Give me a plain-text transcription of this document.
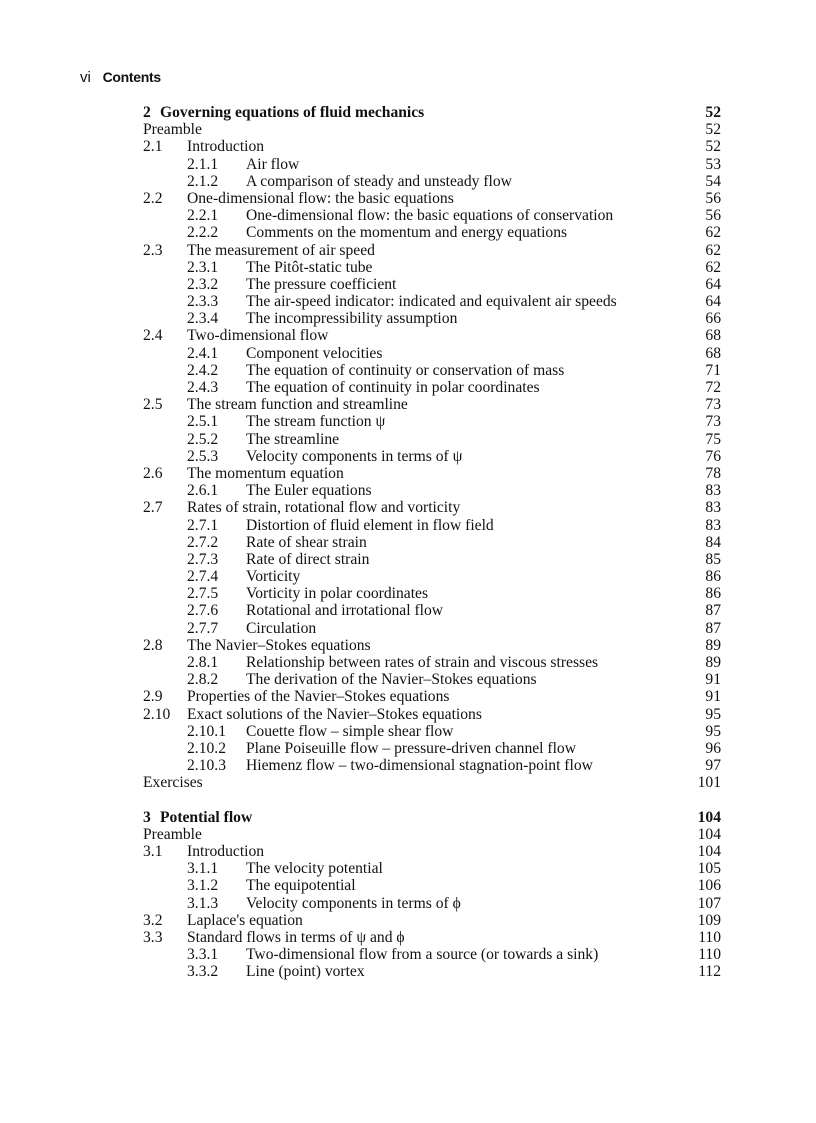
vi Contents
2 Governing equations of fluid mechanics	52
Preamble	52
2.1 Introduction	52
2.1.1 Air flow	53
2.1.2 A comparison of steady and unsteady flow	54
2.2 One-dimensional flow: the basic equations	56
2.2.1 One-dimensional flow: the basic equations of conservation	56
2.2.2 Comments on the momentum and energy equations	62
2.3 The measurement of air speed	62
2.3.1 The Pitôt-static tube	62
2.3.2 The pressure coefficient	64
2.3.3 The air-speed indicator: indicated and equivalent air speeds	64
2.3.4 The incompressibility assumption	66
2.4 Two-dimensional flow	68
2.4.1 Component velocities	68
2.4.2 The equation of continuity or conservation of mass	71
2.4.3 The equation of continuity in polar coordinates	72
2.5 The stream function and streamline	73
2.5.1 The stream function ψ	73
2.5.2 The streamline	75
2.5.3 Velocity components in terms of ψ	76
2.6 The momentum equation	78
2.6.1 The Euler equations	83
2.7 Rates of strain, rotational flow and vorticity	83
2.7.1 Distortion of fluid element in flow field	83
2.7.2 Rate of shear strain	84
2.7.3 Rate of direct strain	85
2.7.4 Vorticity	86
2.7.5 Vorticity in polar coordinates	86
2.7.6 Rotational and irrotational flow	87
2.7.7 Circulation	87
2.8 The Navier–Stokes equations	89
2.8.1 Relationship between rates of strain and viscous stresses	89
2.8.2 The derivation of the Navier–Stokes equations	91
2.9 Properties of the Navier–Stokes equations	91
2.10 Exact solutions of the Navier–Stokes equations	95
2.10.1 Couette flow – simple shear flow	95
2.10.2 Plane Poiseuille flow – pressure-driven channel flow	96
2.10.3 Hiemenz flow – two-dimensional stagnation-point flow	97
Exercises	101
3 Potential flow	104
Preamble	104
3.1 Introduction	104
3.1.1 The velocity potential	105
3.1.2 The equipotential	106
3.1.3 Velocity components in terms of ϕ	107
3.2 Laplace's equation	109
3.3 Standard flows in terms of ψ and ϕ	110
3.3.1 Two-dimensional flow from a source (or towards a sink)	110
3.3.2 Line (point) vortex	112
